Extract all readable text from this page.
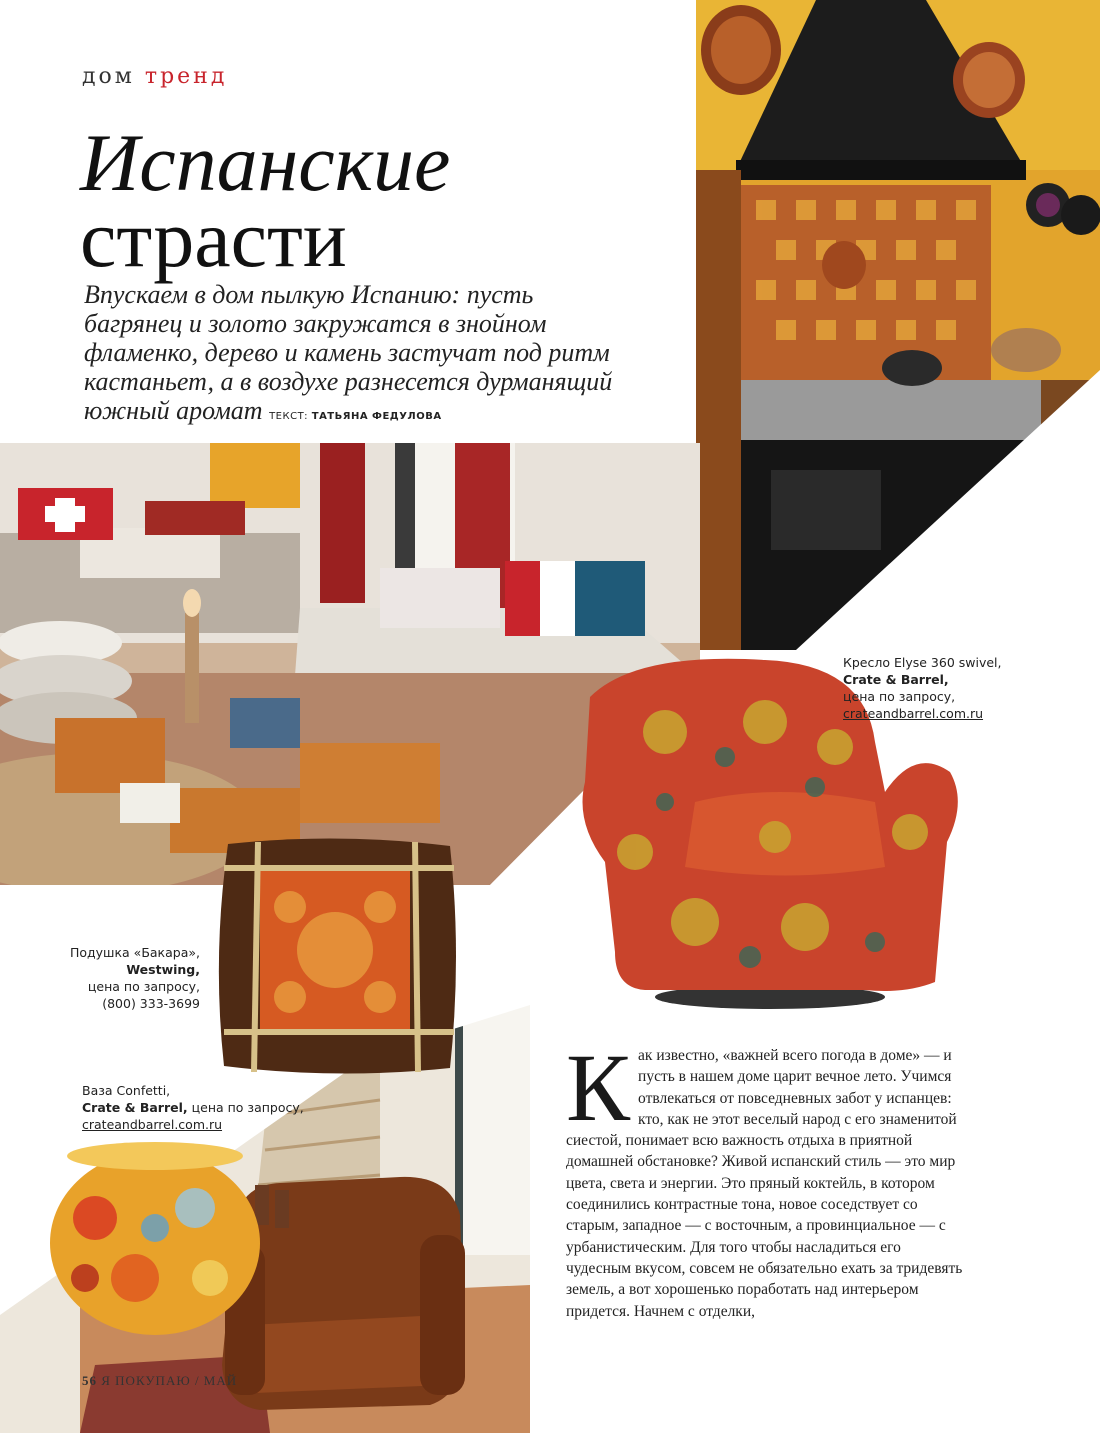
дом тренд
Испанские
страсти
Впускаем в дом пылкую Испанию: пусть багрянец и золото закружатся в знойном фламенко, дерево и камень застучат под ритм кастаньет, а в воздухе разнесется дурманящий южный аромат ТЕКСТ: ТАТЬЯНА ФЕДУЛОВА
Кресло Elyse 360 swivel,
Crate & Barrel,
цена по запросу,
crateandbarrel.com.ru
Подушка «Бакара»,
Westwing,
цена по запросу,
(800) 333-3699
Ваза Confetti,
Crate & Barrel, цена по запросу,
crateandbarrel.com.ru	Как известно, «важней всего погода в доме» — и пусть в нашем доме царит вечное лето. Учимся отвлекаться от повседневных забот у испанцев: кто, как не этот веселый народ с его знаменитой сиестой, понимает всю важность отдыха в приятной домашней обстановке? Живой испанский стиль — это мир цвета, света и энергии. Это пряный коктейль, в котором соединились контрастные тона, новое соседствует со старым, западное — с восточным, а провинциальное — с урбанистическим. Для того чтобы насладиться его чудесным вкусом, совсем не обязательно ехать за тридевять земель, а вот хорошенько поработать над интерьером придется. Начнем с отделки,
56 Я ПОКУПАЮ / МАЙ
